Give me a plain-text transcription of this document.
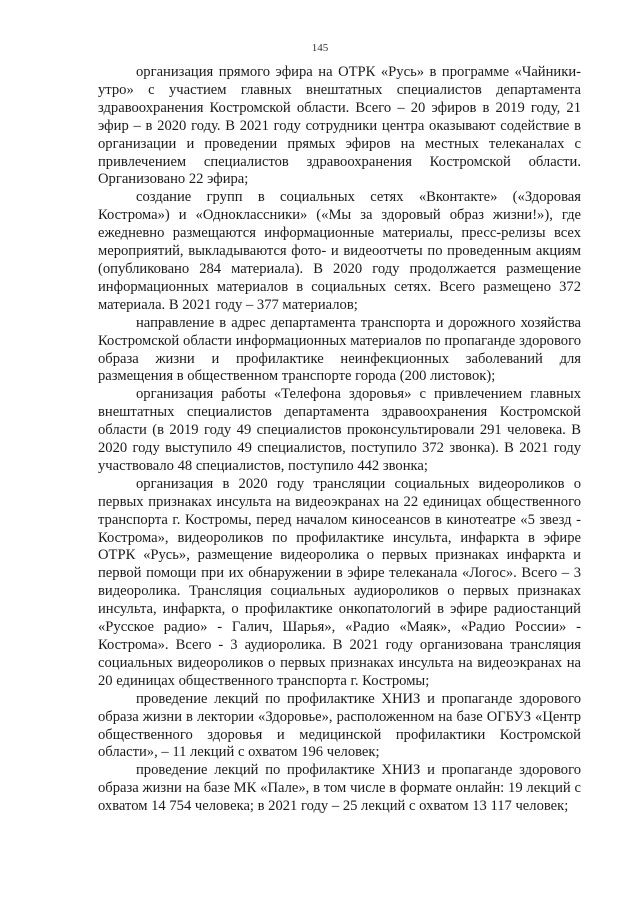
145

организация прямого эфира на ОТРК «Русь» в программе «Чайники-утро» с участием главных внештатных специалистов департамента здравоохранения Костромской области. Всего – 20 эфиров в 2019 году, 21 эфир – в 2020 году. В 2021 году сотрудники центра оказывают содействие в организации и проведении прямых эфиров на местных телеканалах с привлечением специалистов здравоохранения Костромской области. Организовано 22 эфира;

создание групп в социальных сетях «Вконтакте» («Здоровая Кострома») и «Одноклассники» («Мы за здоровый образ жизни!»), где ежедневно размещаются информационные материалы, пресс-релизы всех мероприятий, выкладываются фото- и видеоотчеты по проведенным акциям (опубликовано 284 материала). В 2020 году продолжается размещение информационных материалов в социальных сетях. Всего размещено 372 материала. В 2021 году – 377 материалов;

направление в адрес департамента транспорта и дорожного хозяйства Костромской области информационных материалов по пропаганде здорового образа жизни и профилактике неинфекционных заболеваний для размещения в общественном транспорте города (200 листовок);

организация работы «Телефона здоровья» с привлечением главных внештатных специалистов департамента здравоохранения Костромской области (в 2019 году 49 специалистов проконсультировали 291 человека. В 2020 году выступило 49 специалистов, поступило 372 звонка). В 2021 году участвовало 48 специалистов, поступило 442 звонка;

организация в 2020 году трансляции социальных видеороликов о первых признаках инсульта на видеоэкранах на 22 единицах общественного транспорта г. Костромы, перед началом киносеансов в кинотеатре «5 звезд - Кострома», видеороликов по профилактике инсульта, инфаркта в эфире ОТРК «Русь», размещение видеоролика о первых признаках инфаркта и первой помощи при их обнаружении в эфире телеканала «Логос». Всего – 3 видеоролика. Трансляция социальных аудиороликов о первых признаках инсульта, инфаркта, о профилактике онкопатологий в эфире радиостанций «Русское радио» - Галич, Шарья», «Радио «Маяк», «Радио России» - Кострома». Всего - 3 аудиоролика. В 2021 году организована трансляция социальных видеороликов о первых признаках инсульта на видеоэкранах на 20 единицах общественного транспорта г. Костромы;

проведение лекций по профилактике ХНИЗ и пропаганде здорового образа жизни в лектории «Здоровье», расположенном на базе ОГБУЗ «Центр общественного здоровья и медицинской профилактики Костромской области», – 11 лекций с охватом 196 человек;

проведение лекций по профилактике ХНИЗ и пропаганде здорового образа жизни на базе МК «Пале», в том числе в формате онлайн: 19 лекций с охватом 14 754 человека; в 2021 году – 25 лекций с охватом 13 117 человек;
